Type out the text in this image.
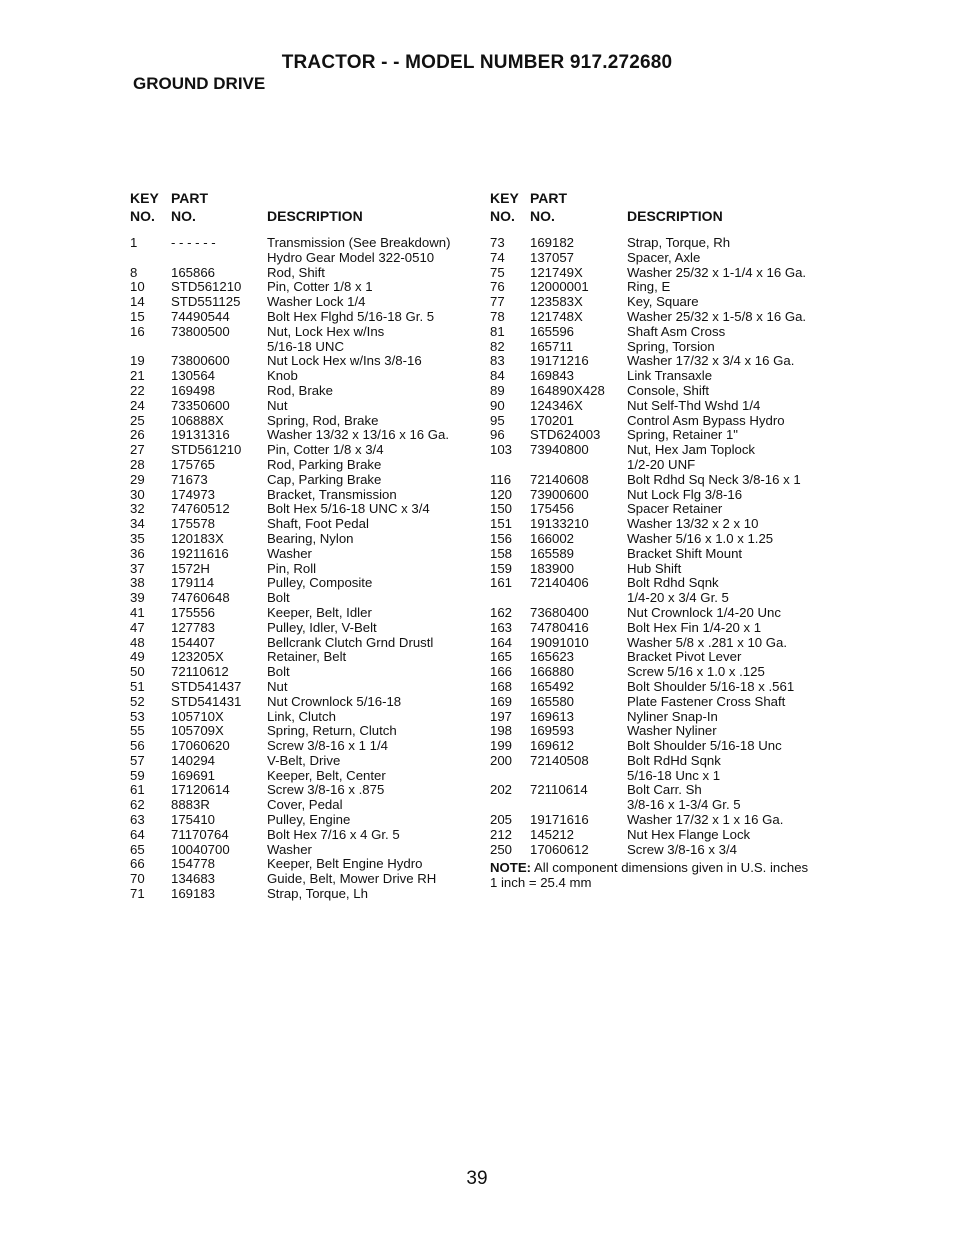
TRACTOR - - MODEL NUMBER 917.272680
GROUND DRIVE
KEY PART
NO. NO.	DESCRIPTION
1	- - - - - -	Transmission (See Breakdown)
Hydro Gear Model 322-0510
8	165866	Rod, Shift
10 STD561210 Pin, Cotter 1/8 x 1
14 STD551125 Washer Lock 1/4
15 74490544	Bolt Hex Flghd 5/16-18 Gr. 5
16 73800500	Nut, Lock Hex w/Ins
5/16-18 UNC
19 73800600	Nut Lock Hex w/Ins 3/8-16
21 130564	Knob
22 169498	Rod, Brake
24 73350600	Nut
25 106888X	Spring, Rod, Brake
26 19131316	Washer 13/32 x 13/16 x 16 Ga.
27 STD561210 Pin, Cotter 1/8 x 3/4
28 175765	Rod, Parking Brake
29 71673	Cap, Parking Brake
30 174973	Bracket, Transmission
32 74760512	Bolt Hex 5/16-18 UNC x 3/4
34 175578	Shaft, Foot Pedal
35 120183X	Bearing, Nylon
36 19211616	Washer
37 1572H	Pin, Roll
38 179114	Pulley, Composite
39 74760648	Bolt
41 175556	Keeper, Belt, Idler
47 127783	Pulley, Idler, V-Belt
48 154407	Bellcrank Clutch Grnd Drustl
49 123205X	Retainer, Belt
50 72110612	Bolt
51 STD541437 Nut
52 STD541431 Nut Crownlock 5/16-18
53 105710X	Link, Clutch
55 105709X	Spring, Return, Clutch
56 17060620	Screw 3/8-16 x 1 1/4
57 140294	V-Belt, Drive
59 169691	Keeper, Belt, Center
61 17120614	Screw 3/8-16 x .875
62 8883R	Cover, Pedal
63 175410	Pulley, Engine
64 71170764	Bolt Hex 7/16 x 4 Gr. 5
65 10040700	Washer
66 154778	Keeper, Belt Engine Hydro
70 134683	Guide, Belt, Mower Drive RH
71 169183	Strap, Torque, Lh
KEY PART
NO. NO.	DESCRIPTION
73 169182	Strap, Torque, Rh
74 137057	Spacer, Axle
75 121749X	Washer 25/32 x 1-1/4 x 16 Ga.
76 12000001	Ring, E
77 123583X	Key, Square
78 121748X	Washer 25/32 x 1-5/8 x 16 Ga.
81 165596	Shaft Asm Cross
82 165711	Spring, Torsion
83 19171216	Washer 17/32 x 3/4 x 16 Ga.
84 169843	Link Transaxle
89 164890X428 Console, Shift
90 124346X	Nut Self-Thd Wshd 1/4
95 170201	Control Asm Bypass Hydro
96 STD624003 Spring, Retainer 1"
103 73940800	Nut, Hex Jam Toplock
1/2-20 UNF
116 72140608	Bolt Rdhd Sq Neck 3/8-16 x 1
120 73900600	Nut Lock Flg 3/8-16
150 175456	Spacer Retainer
151 19133210	Washer 13/32 x 2 x 10
156 166002	Washer 5/16 x 1.0 x 1.25
158 165589	Bracket Shift Mount
159 183900	Hub Shift
161 72140406	Bolt Rdhd Sqnk
1/4-20 x 3/4 Gr. 5
162 73680400	Nut Crownlock 1/4-20 Unc
163 74780416	Bolt Hex Fin 1/4-20 x 1
164 19091010	Washer 5/8 x .281 x 10 Ga.
165 165623	Bracket Pivot Lever
166 166880	Screw 5/16 x 1.0 x .125
168 165492	Bolt Shoulder 5/16-18 x .561
169 165580	Plate Fastener Cross Shaft
197 169613	Nyliner Snap-In
198 169593	Washer Nyliner
199 169612	Bolt Shoulder 5/16-18 Unc
200 72140508	Bolt RdHd Sqnk
5/16-18 Unc x 1
202 72110614	Bolt Carr. Sh
3/8-16 x 1-3/4 Gr. 5
205 19171616	Washer 17/32 x 1 x 16 Ga.
212 145212	Nut Hex Flange Lock
250 17060612	Screw 3/8-16 x 3/4
NOTE: All component dimensions given in U.S. inches
1 inch = 25.4 mm
39
